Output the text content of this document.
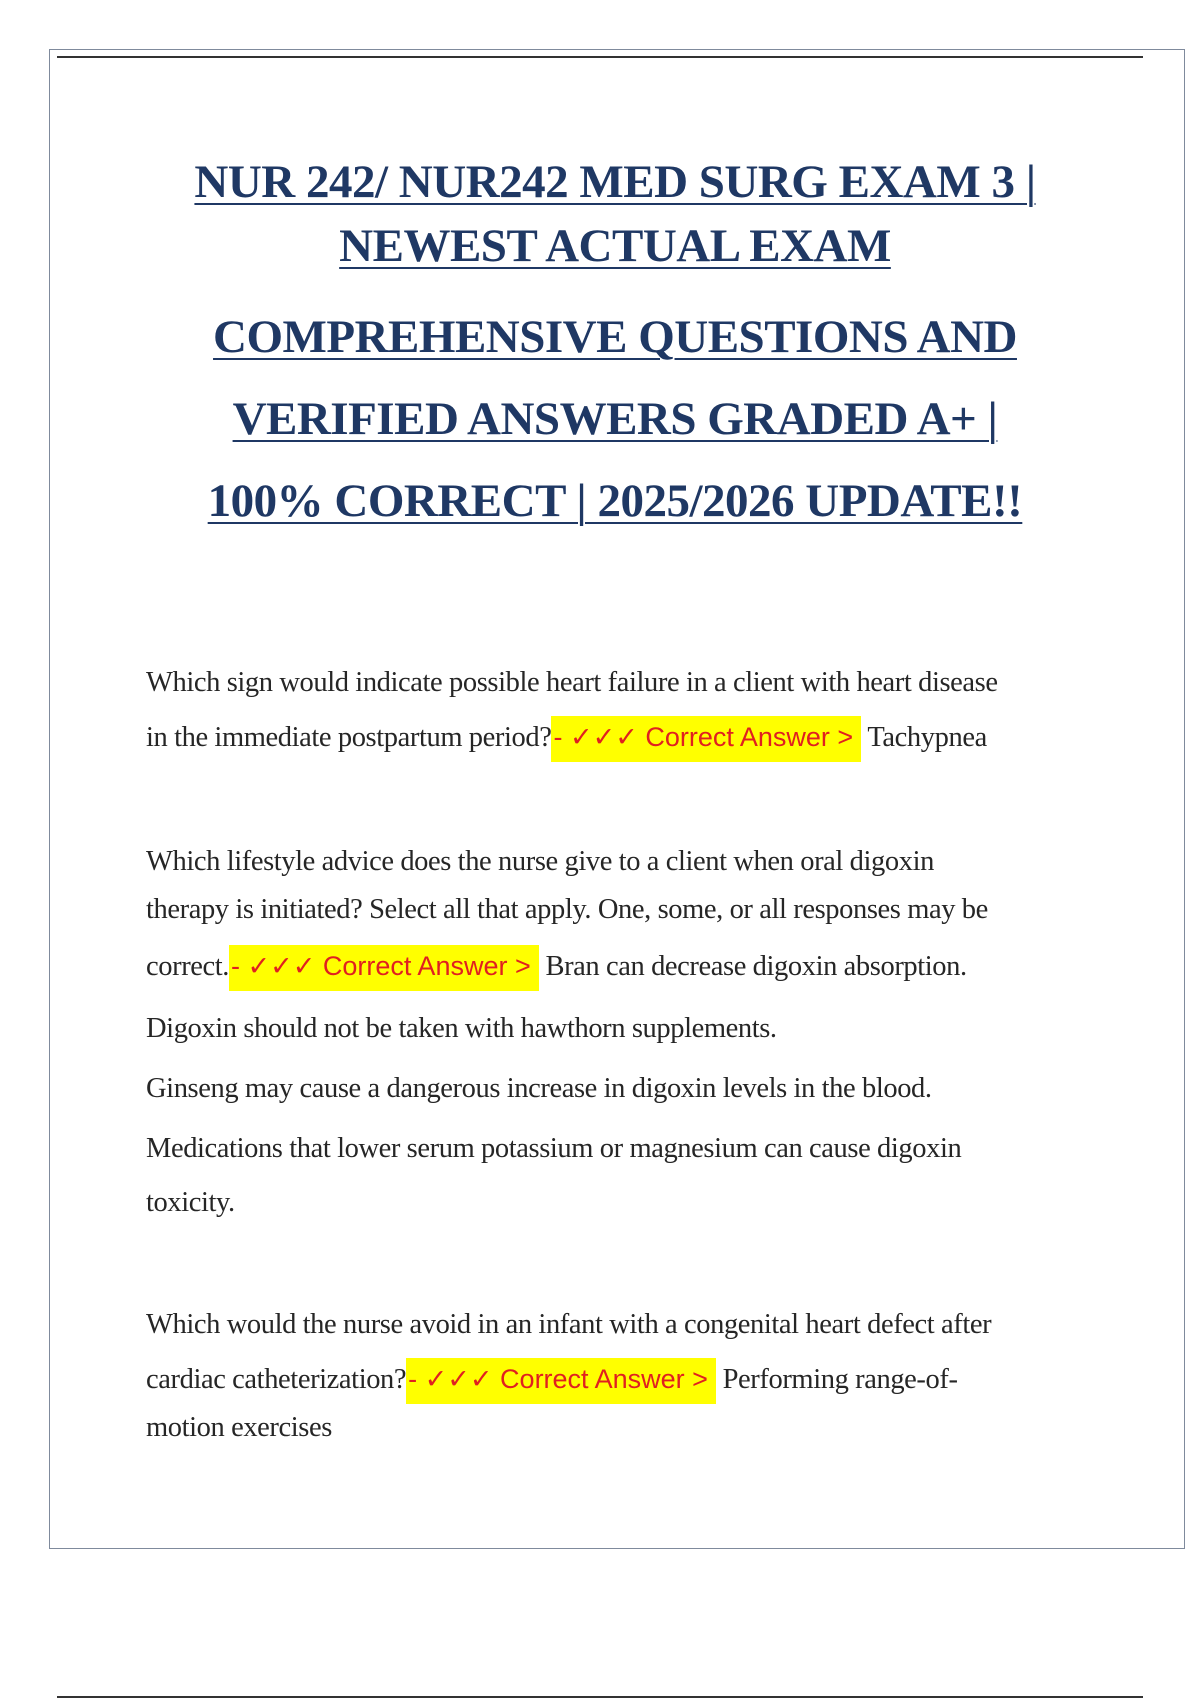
NUR 242/ NUR242 MED SURG EXAM 3 |
NEWEST ACTUAL EXAM
COMPREHENSIVE QUESTIONS AND
VERIFIED ANSWERS GRADED A+ |
100% CORRECT | 2025/2026 UPDATE!!

Which sign would indicate possible heart failure in a client with heart disease

in the immediate postpartum period?- ✓✓✓ Correct Answer > Tachypnea

Which lifestyle advice does the nurse give to a client when oral digoxin

therapy is initiated? Select all that apply. One, some, or all responses may be

correct.- ✓✓✓ Correct Answer > Bran can decrease digoxin absorption.

Digoxin should not be taken with hawthorn supplements.

Ginseng may cause a dangerous increase in digoxin levels in the blood.

Medications that lower serum potassium or magnesium can cause digoxin

toxicity.

Which would the nurse avoid in an infant with a congenital heart defect after

cardiac catheterization?- ✓✓✓ Correct Answer > Performing range-of-

motion exercises
